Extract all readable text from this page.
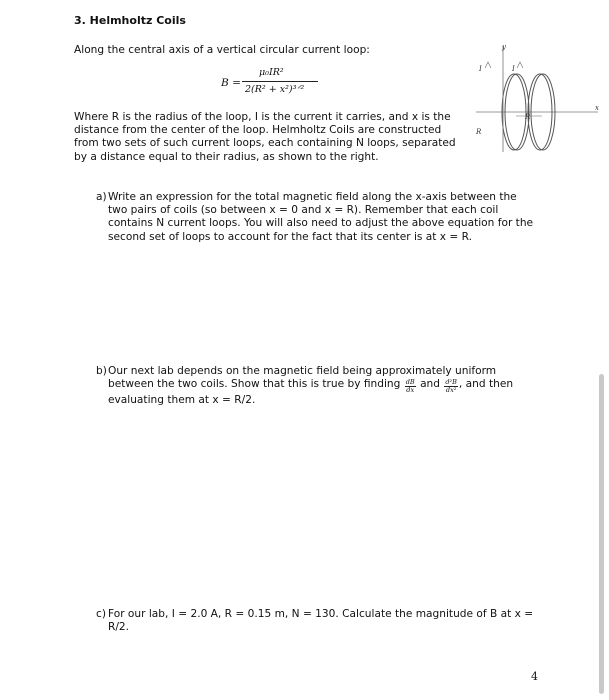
3. Helmholtz Coils
Along the central axis of a vertical circular current loop:
B =
μ₀IR²
2(R² + x²)³ᐟ²
Where R is the radius of the loop, I is the current it carries, and x is the distance from the center of the loop. Helmholtz Coils are constructed from two sets of such current loops, each containing N loops, separated by a distance equal to their radius, as shown to the right.
y
x
I	I
R
R
a) Write an expression for the total magnetic field along the x-axis between the two pairs of coils (so between x = 0 and x = R). Remember that each coil contains N current loops. You will also need to adjust the above equation for the second set of loops to account for the fact that its center is at x = R.
b) Our next lab depends on the magnetic field being approximately uniform between the two coils. Show that this is true by finding $\frac{dB}{dx}$ and $\frac{\text{d²B}}{\text{dx²}}$ , and then evaluating them at x = R/2.
c) For our lab, I = 2.0 A, R = 0.15 m, N = 130. Calculate the magnitude of B at x = R/2.
4
